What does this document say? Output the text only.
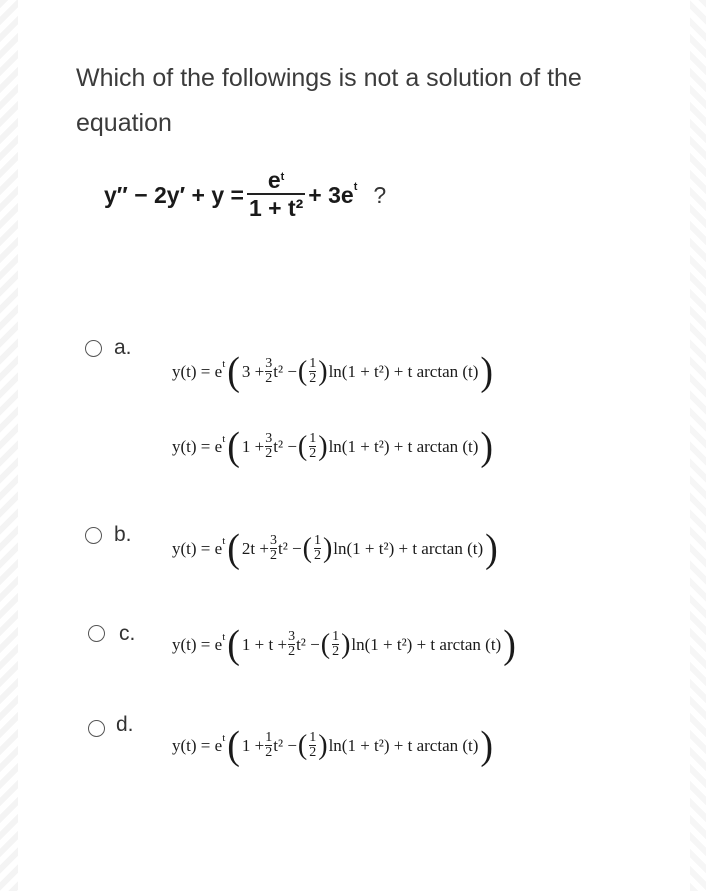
Which of the followings is not a solution of the equation
$y'' - 2y' + y = \frac{e^t}{\text{1 + t²}} + 3e$ t ?
a.
y(t) = e t ( $3 + \frac{3}{2} t^2$ − ( 1
2 ) ln(1 + t²) + t arctan (t) )
y(t) = e t ( $1 + \frac{3}{2} t^2$ − ( 1
2 ) ln(1 + t²) + t arctan (t) )
b.
y(t) = e t ( $2t + \frac{3}{2} t^2$ − ( 1
2 ) ln(1 + t²) + t arctan (t) )
c. y(t) = e t ( $1 + t + \frac{3}{2} t^2$ − ( 1
2 ) ln(1 + t²) + t arctan (t) )
d.
y(t) = e t ( $1 + \frac{1}{2} t^2$ − ( 1
2 ) ln(1 + t²) + t arctan (t) )
